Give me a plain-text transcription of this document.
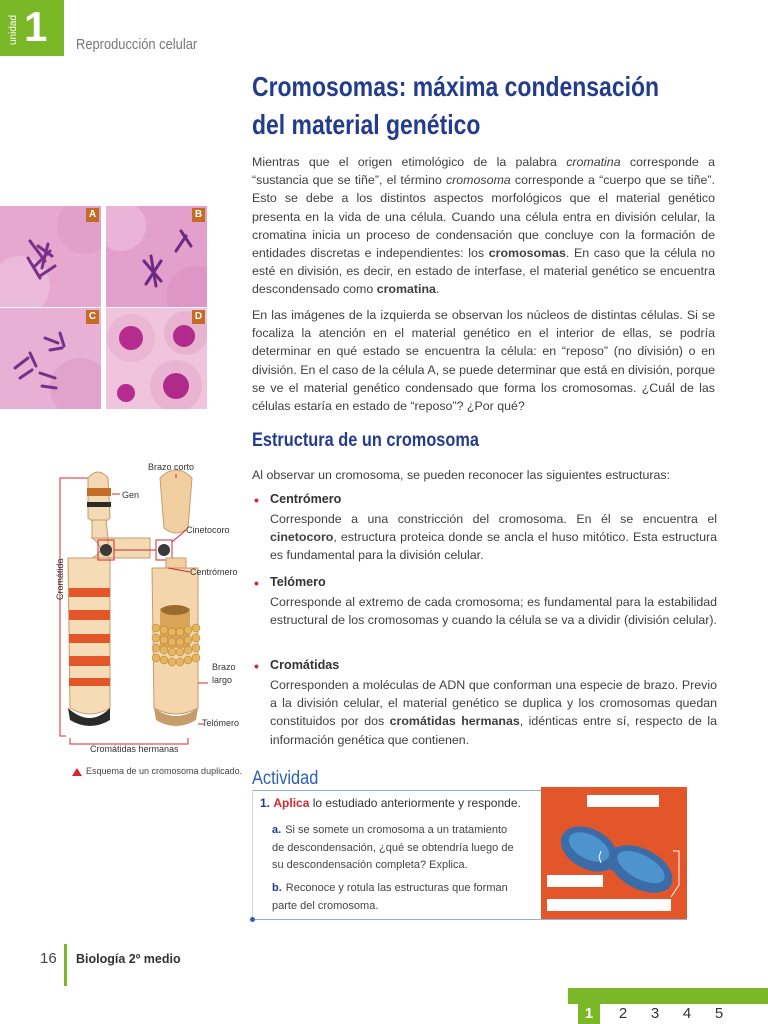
unidad 1 Reproducción celular
Cromosomas: máxima condensación
del material genético

Mientras que el origen etimológico de la palabra cromatina corresponde a “sustancia que se tiñe”, el término cromosoma corresponde a “cuerpo que se tiñe”. Esto se debe a los distintos aspectos morfológicos que el material genético presenta en la vida de una célula. Cuando una célula entra en división celular, la cromatina inicia un proceso de condensación que concluye con la formación de entidades discretas e independientes: los cromosomas. En caso que la célula no esté en división, es decir, en estado de interfase, el material genético se encuentra descondensado como cromatina.

En las imágenes de la izquierda se observan los núcleos de distintas células. Si se focaliza la atención en el material genético en el interior de ellas, se podría determinar en qué estado se encuentra la célula: en “reposo” (no división) o en división. En el caso de la célula A, se puede determinar que está en división, porque se ve el material genético condensado que forma los cromosomas. ¿Cuál de las células estaría en estado de “reposo”? ¿Por qué?

A	B
C	D
Estructura de un cromosoma

Al observar un cromosoma, se pueden reconocer las siguientes estructuras:

• Centrómero

Corresponde a una constricción del cromosoma. En él se encuentra el cinetocoro, estructura proteica donde se ancla el huso mitótico. Esta estructura es fundamental para la división celular.

• Telómero

Corresponde al extremo de cada cromosoma; es fundamental para la estabilidad estructural de los cromosomas y cuando la célula se va a dividir (división celular).

• Cromátidas

Corresponden a moléculas de ADN que conforman una especie de brazo. Previo a la división celular, el material genético se duplica y los cromosomas quedan constituidos por dos cromátidas hermanas, idénticas entre sí, respecto de la información genética que contienen.

Brazo corto
Gen
Cinetocoro
Centrómero
Cromátida
Brazo
largo
Telómero
Cromátidas hermanas
Esquema de un cromosoma duplicado. Actividad
1. Aplica lo estudiado anteriormente y responde.
a. Si se somete un cromosoma a un tratamiento de descondensación, ¿qué se obtendría luego de su descondensación completa? Explica.
b. Reconoce y rotula las estructuras que forman parte del cromosoma.
16 Biología 2º medio
1	2	3	4	5
